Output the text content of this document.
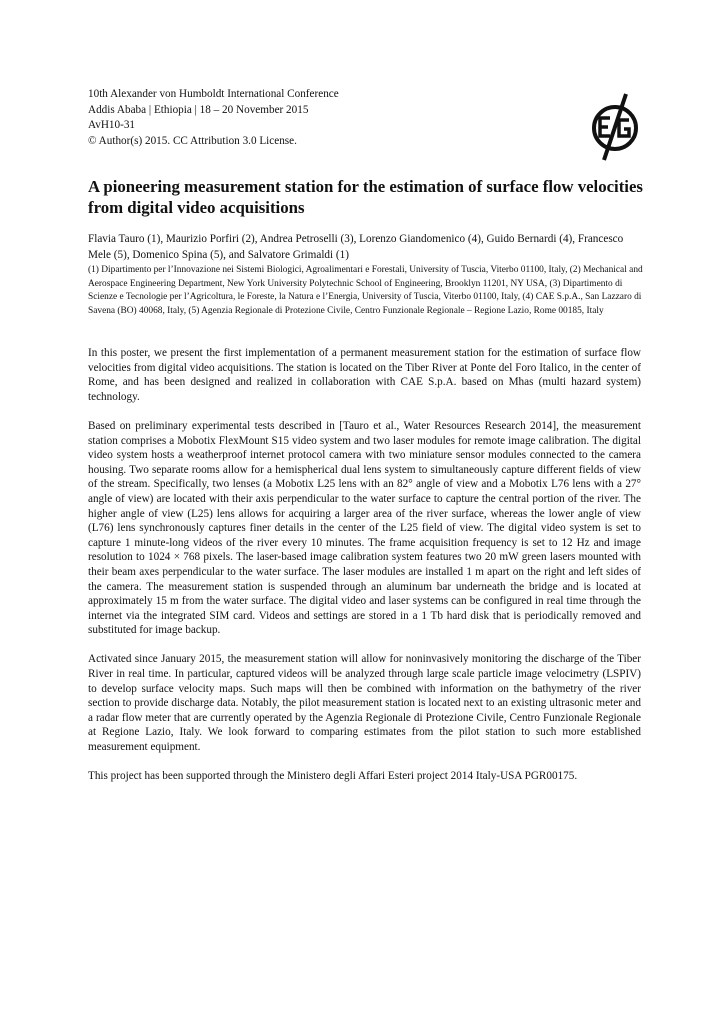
10th Alexander von Humboldt International Conference
Addis Ababa | Ethiopia | 18 – 20 November 2015
AvH10-31
© Author(s) 2015. CC Attribution 3.0 License.
A pioneering measurement station for the estimation of surface flow velocities from digital video acquisitions
Flavia Tauro (1), Maurizio Porfiri (2), Andrea Petroselli (3), Lorenzo Giandomenico (4), Guido Bernardi (4), Francesco Mele (5), Domenico Spina (5), and Salvatore Grimaldi (1)
(1) Dipartimento per l’Innovazione nei Sistemi Biologici, Agroalimentari e Forestali, University of Tuscia, Viterbo 01100, Italy, (2) Mechanical and Aerospace Engineering Department, New York University Polytechnic School of Engineering, Brooklyn 11201, NY USA, (3) Dipartimento di Scienze e Tecnologie per l’Agricoltura, le Foreste, la Natura e l’Energia, University of Tuscia, Viterbo 01100, Italy, (4) CAE S.p.A., San Lazzaro di Savena (BO) 40068, Italy, (5) Agenzia Regionale di Protezione Civile, Centro Funzionale Regionale – Regione Lazio, Rome 00185, Italy

In this poster, we present the first implementation of a permanent measurement station for the estimation of surface flow velocities from digital video acquisitions. The station is located on the Tiber River at Ponte del Foro Italico, in the center of Rome, and has been designed and realized in collaboration with CAE S.p.A. based on Mhas (multi hazard system) technology.

Based on preliminary experimental tests described in [Tauro et al., Water Resources Research 2014], the measurement station comprises a Mobotix FlexMount S15 video system and two laser modules for remote image calibration. The digital video system hosts a weatherproof internet protocol camera with two miniature sensor modules connected to the camera housing. Two separate rooms allow for a hemispherical dual lens system to simultaneously capture different fields of view of the stream. Specifically, two lenses (a Mobotix L25 lens with an 82° angle of view and a Mobotix L76 lens with a 27° angle of view) are located with their axis perpendicular to the water surface to capture the central portion of the river. The higher angle of view (L25) lens allows for acquiring a larger area of the river surface, whereas the lower angle of view (L76) lens synchronously captures finer details in the center of the L25 field of view. The digital video system is set to capture 1 minute-long videos of the river every 10 minutes. The frame acquisition frequency is set to 12 Hz and image resolution to 1024 × 768 pixels. The laser-based image calibration system features two 20 mW green lasers mounted with their beam axes perpendicular to the water surface. The laser modules are installed 1 m apart on the right and left sides of the camera. The measurement station is suspended through an aluminum bar underneath the bridge and is located at approximately 15 m from the water surface. The digital video and laser systems can be configured in real time through the internet via the integrated SIM card. Videos and settings are stored in a 1 Tb hard disk that is periodically removed and substituted for image backup.

Activated since January 2015, the measurement station will allow for noninvasively monitoring the discharge of the Tiber River in real time. In particular, captured videos will be analyzed through large scale particle image velocimetry (LSPIV) to develop surface velocity maps. Such maps will then be combined with information on the bathymetry of the river section to provide discharge data. Notably, the pilot measurement station is located next to an existing ultrasonic meter and a radar flow meter that are currently operated by the Agenzia Regionale di Protezione Civile, Centro Funzionale Regionale at Regione Lazio, Italy. We look forward to comparing estimates from the pilot station to such more established measurement equipment.

This project has been supported through the Ministero degli Affari Esteri project 2014 Italy-USA PGR00175.
